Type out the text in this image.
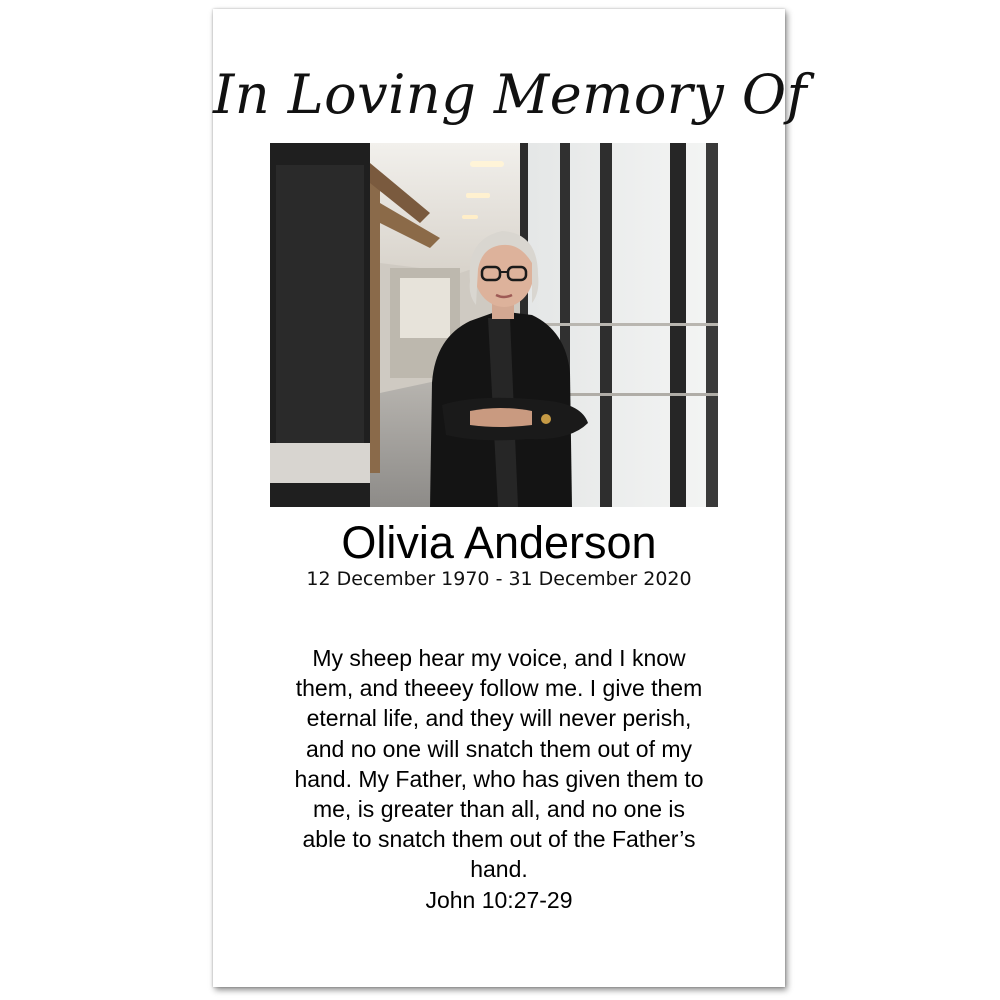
In Loving Memory Of
Olivia Anderson
12 December 1970 - 31 December 2020
My sheep hear my voice, and I know
them, and theeey follow me. I give them
eternal life, and they will never perish,
and no one will snatch them out of my
hand. My Father, who has given them to
me, is greater than all, and no one is
able to snatch them out of the Father’s
hand.
John 10:27-29
